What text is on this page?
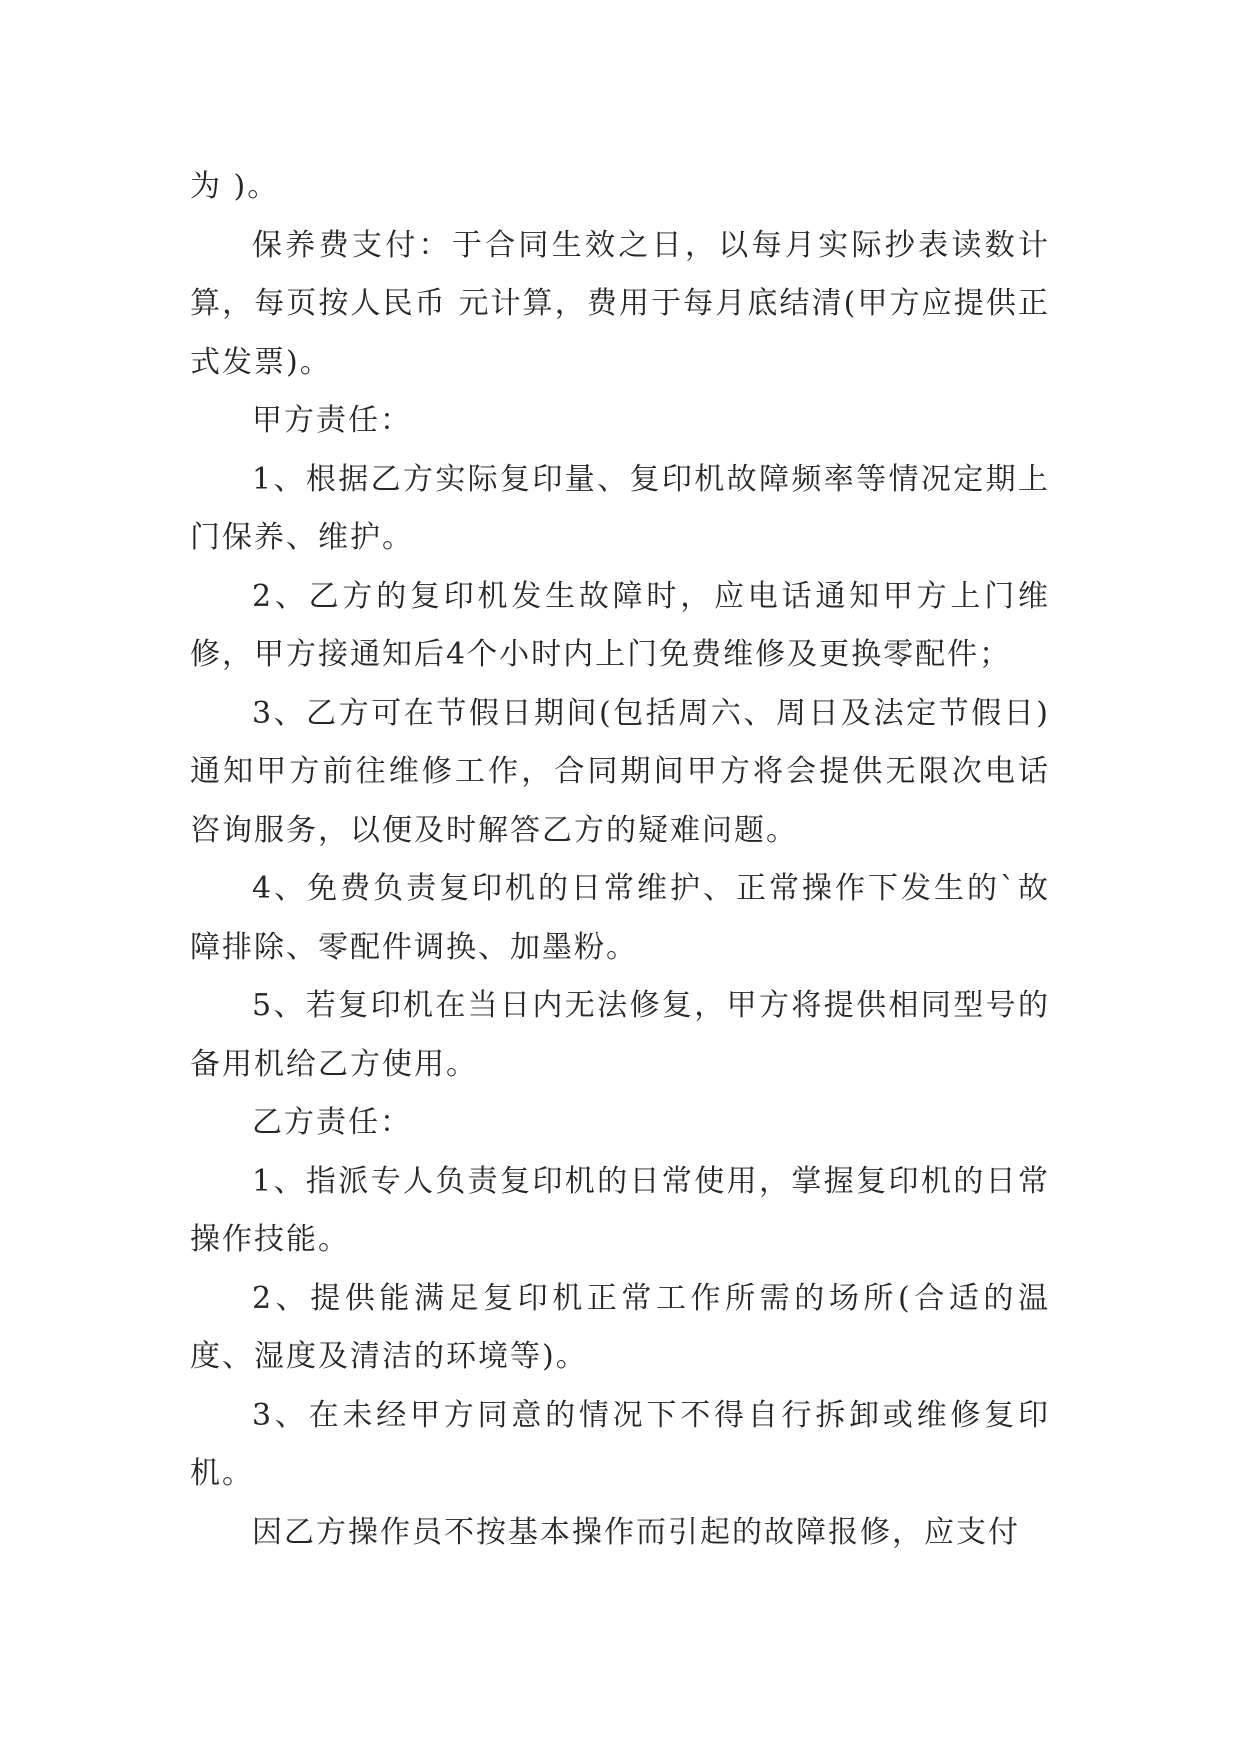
为 )。

保养费支付：于合同生效之日，以每月实际抄表读数计算，每页按人民币 元计算，费用于每月底结清(甲方应提供正式发票)。

甲方责任：

1、根据乙方实际复印量、复印机故障频率等情况定期上门保养、维护。

2、乙方的复印机发生故障时，应电话通知甲方上门维修，甲方接通知后4个小时内上门免费维修及更换零配件；

3、乙方可在节假日期间(包括周六、周日及法定节假日)通知甲方前往维修工作，合同期间甲方将会提供无限次电话咨询服务，以便及时解答乙方的疑难问题。

4、免费负责复印机的日常维护、正常操作下发生的`故障排除、零配件调换、加墨粉。

5、若复印机在当日内无法修复，甲方将提供相同型号的备用机给乙方使用。

乙方责任：

1、指派专人负责复印机的日常使用，掌握复印机的日常操作技能。

2、提供能满足复印机正常工作所需的场所(合适的温度、湿度及清洁的环境等)。

3、在未经甲方同意的情况下不得自行拆卸或维修复印机。

因乙方操作员不按基本操作而引起的故障报修，应支付
